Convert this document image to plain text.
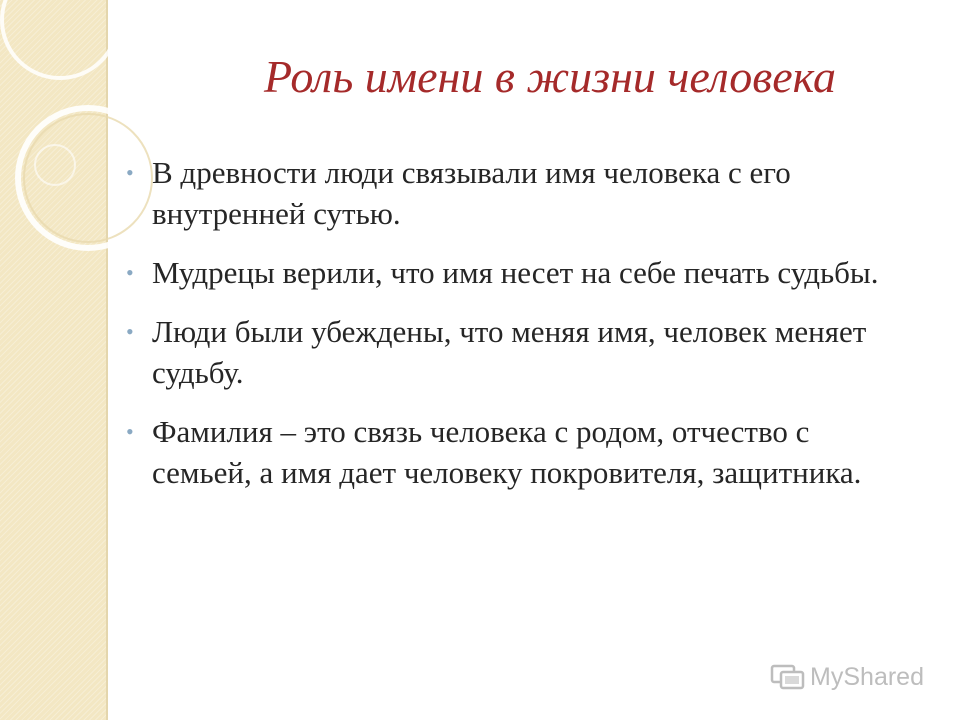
Роль имени в жизни человека
• В древности люди связывали имя человека с его внутренней сутью.
• Мудрецы верили, что имя несет на себе печать судьбы.
• Люди были убеждены, что меняя имя, человек меняет судьбу.
• Фамилия – это связь человека с родом, отчество с семьей, а имя дает человеку покровителя, защитника.
MyShared
